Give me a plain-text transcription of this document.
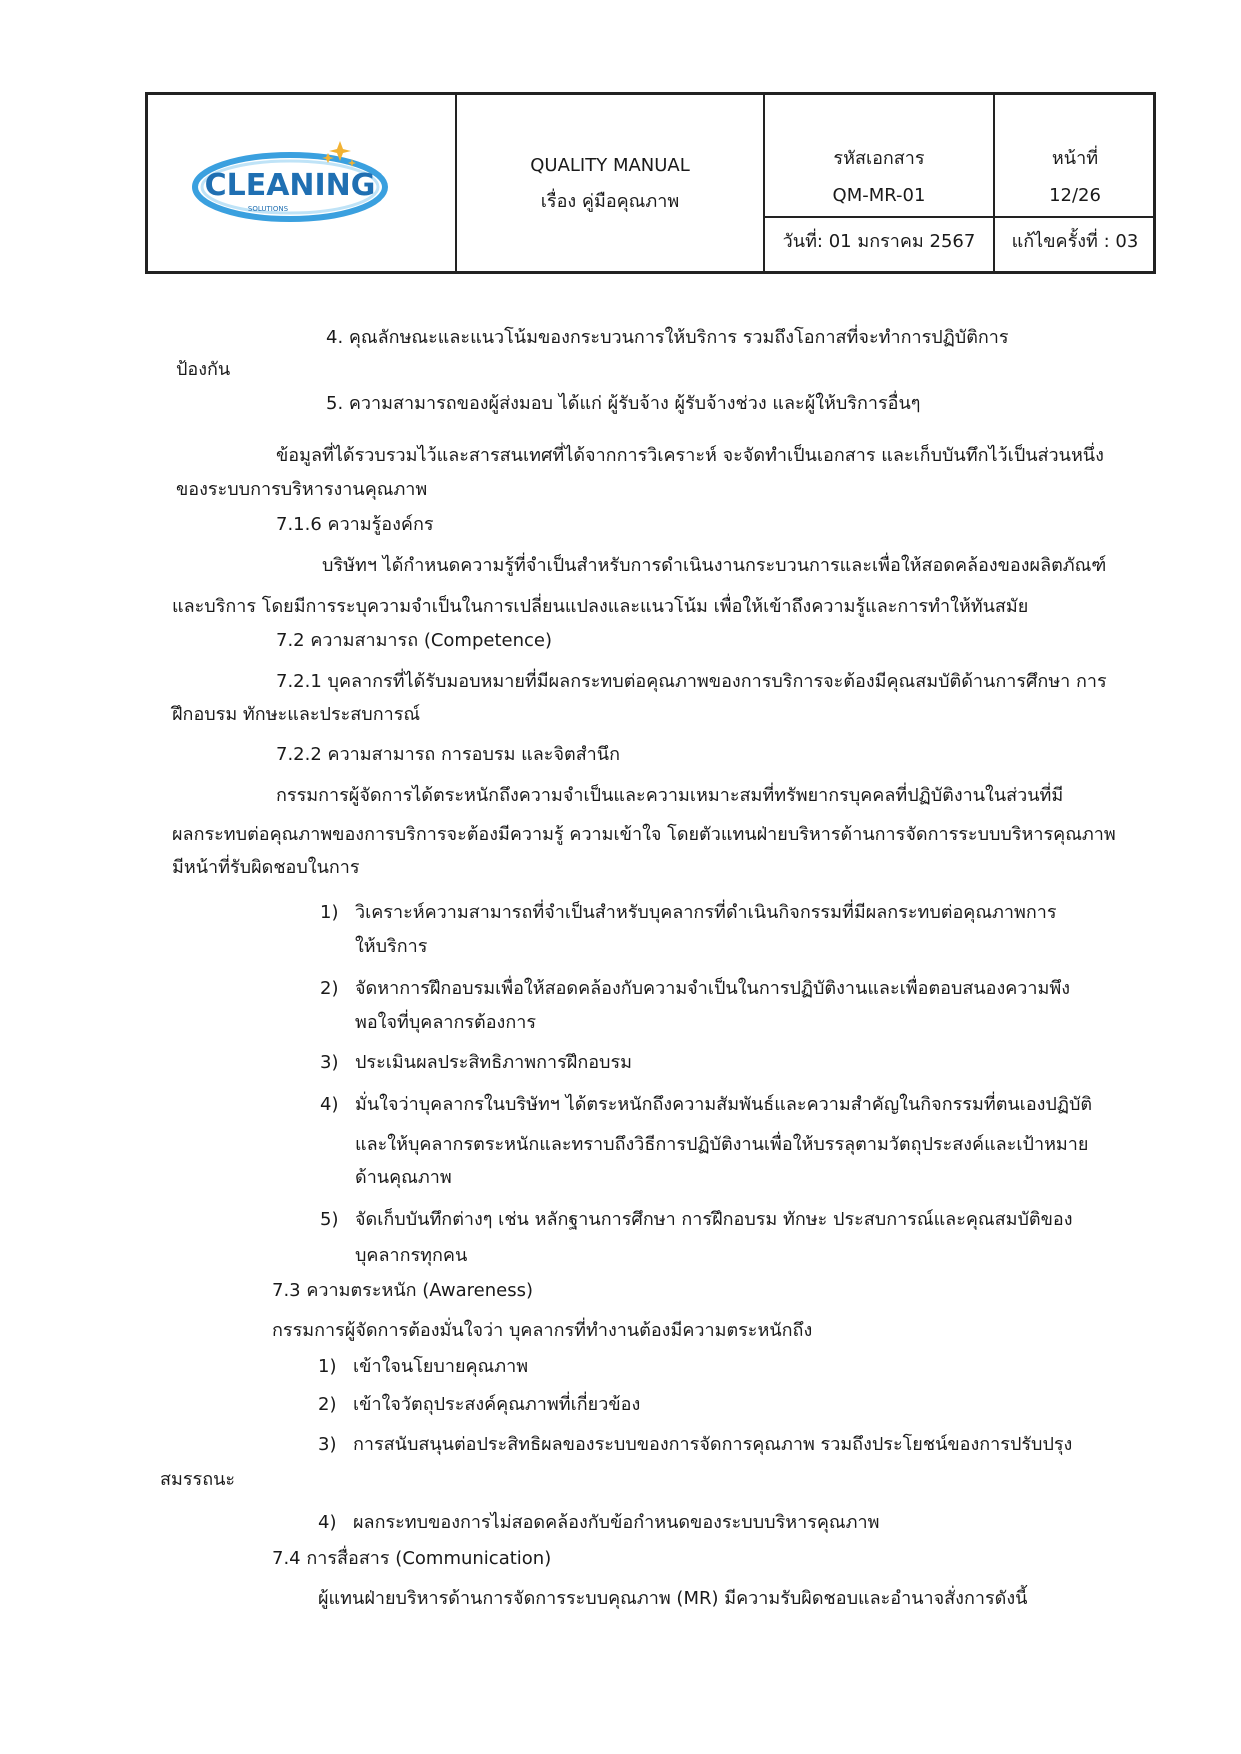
CLEANING
SOLUTIONS
QUALITY MANUAL
เรื่อง คู่มือคุณภาพ
รหัสเอกสาร
QM-MR-01
วันที่: 01 มกราคม 2567
หน้าที่
12/26
แก้ไขครั้งที่ : 03
4. คุณลักษณะและแนวโน้มของกระบวนการให้บริการ รวมถึงโอกาสที่จะทำการปฏิบัติการ
ป้องกัน
5. ความสามารถของผู้ส่งมอบ ได้แก่ ผู้รับจ้าง ผู้รับจ้างช่วง และผู้ให้บริการอื่นๆ
ข้อมูลที่ได้รวบรวมไว้และสารสนเทศที่ได้จากการวิเคราะห์ จะจัดทำเป็นเอกสาร และเก็บบันทึกไว้เป็นส่วนหนึ่ง
ของระบบการบริหารงานคุณภาพ
7.1.6 ความรู้องค์กร
บริษัทฯ ได้กำหนดความรู้ที่จำเป็นสำหรับการดำเนินงานกระบวนการและเพื่อให้สอดคล้องของผลิตภัณฑ์
และบริการ โดยมีการระบุความจำเป็นในการเปลี่ยนแปลงและแนวโน้ม เพื่อให้เข้าถึงความรู้และการทำให้ทันสมัย
7.2 ความสามารถ (Competence)
7.2.1 บุคลากรที่ได้รับมอบหมายที่มีผลกระทบต่อคุณภาพของการบริการจะต้องมีคุณสมบัติด้านการศึกษา การ
ฝึกอบรม ทักษะและประสบการณ์
7.2.2 ความสามารถ การอบรม และจิตสำนึก
กรรมการผู้จัดการได้ตระหนักถึงความจำเป็นและความเหมาะสมที่ทรัพยากรบุคคลที่ปฏิบัติงานในส่วนที่มี
ผลกระทบต่อคุณภาพของการบริการจะต้องมีความรู้ ความเข้าใจ โดยตัวแทนฝ่ายบริหารด้านการจัดการระบบบริหารคุณภาพ
มีหน้าที่รับผิดชอบในการ
1) วิเคราะห์ความสามารถที่จำเป็นสำหรับบุคลากรที่ดำเนินกิจกรรมที่มีผลกระทบต่อคุณภาพการ
ให้บริการ
2) จัดหาการฝึกอบรมเพื่อให้สอดคล้องกับความจำเป็นในการปฏิบัติงานและเพื่อตอบสนองความพึง
พอใจที่บุคลากรต้องการ
3) ประเมินผลประสิทธิภาพการฝึกอบรม
4) มั่นใจว่าบุคลากรในบริษัทฯ ได้ตระหนักถึงความสัมพันธ์และความสำคัญในกิจกรรมที่ตนเองปฏิบัติ
และให้บุคลากรตระหนักและทราบถึงวิธีการปฏิบัติงานเพื่อให้บรรลุตามวัตถุประสงค์และเป้าหมาย
ด้านคุณภาพ
5) จัดเก็บบันทึกต่างๆ เช่น หลักฐานการศึกษา การฝึกอบรม ทักษะ ประสบการณ์และคุณสมบัติของ
บุคลากรทุกคน
7.3 ความตระหนัก (Awareness)
กรรมการผู้จัดการต้องมั่นใจว่า บุคลากรที่ทำงานต้องมีความตระหนักถึง
1) เข้าใจนโยบายคุณภาพ
2) เข้าใจวัตถุประสงค์คุณภาพที่เกี่ยวข้อง
3) การสนับสนุนต่อประสิทธิผลของระบบของการจัดการคุณภาพ รวมถึงประโยชน์ของการปรับปรุง
สมรรถนะ
4) ผลกระทบของการไม่สอดคล้องกับข้อกำหนดของระบบบริหารคุณภาพ
7.4 การสื่อสาร (Communication)
ผู้แทนฝ่ายบริหารด้านการจัดการระบบคุณภาพ (MR) มีความรับผิดชอบและอำนาจสั่งการดังนี้
